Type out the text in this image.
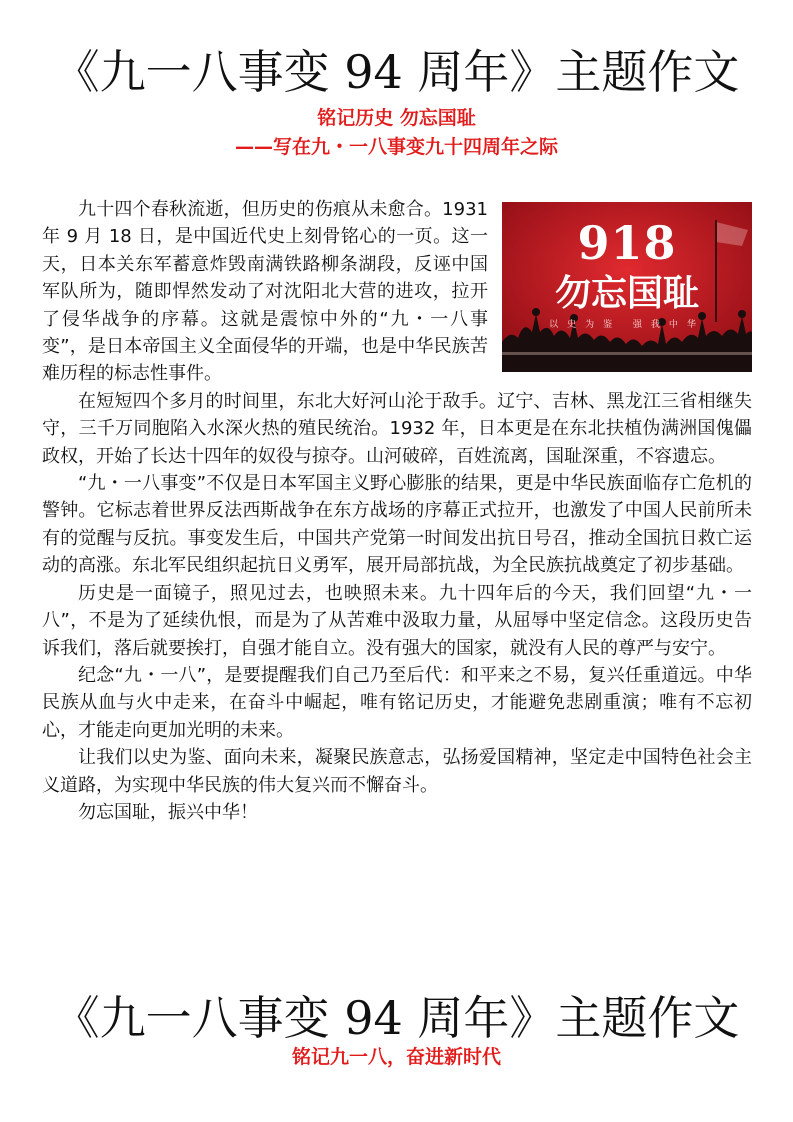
《九一八事变 94 周年》主题作文
铭记历史 勿忘国耻
——写在九・一八事变九十四周年之际
918
勿忘国耻
以史为鉴 强我中华

九十四个春秋流逝，但历史的伤痕从未愈合。1931 年 9 月 18 日，是中国近代史上刻骨铭心的一页。这一天，日本关东军蓄意炸毁南满铁路柳条湖段，反诬中国军队所为，随即悍然发动了对沈阳北大营的进攻，拉开了侵华战争的序幕。这就是震惊中外的“九・一八事变”，是日本帝国主义全面侵华的开端，也是中华民族苦难历程的标志性事件。

在短短四个多月的时间里，东北大好河山沦于敌手。辽宁、吉林、黑龙江三省相继失守，三千万同胞陷入水深火热的殖民统治。1932 年，日本更是在东北扶植伪满洲国傀儡政权，开始了长达十四年的奴役与掠夺。山河破碎，百姓流离，国耻深重，不容遗忘。

“九・一八事变”不仅是日本军国主义野心膨胀的结果，更是中华民族面临存亡危机的警钟。它标志着世界反法西斯战争在东方战场的序幕正式拉开，也激发了中国人民前所未有的觉醒与反抗。事变发生后，中国共产党第一时间发出抗日号召，推动全国抗日救亡运动的高涨。东北军民组织起抗日义勇军，展开局部抗战，为全民族抗战奠定了初步基础。

历史是一面镜子，照见过去，也映照未来。九十四年后的今天，我们回望“九・一八”，不是为了延续仇恨，而是为了从苦难中汲取力量，从屈辱中坚定信念。这段历史告诉我们，落后就要挨打，自强才能自立。没有强大的国家，就没有人民的尊严与安宁。

纪念“九・一八”，是要提醒我们自己乃至后代：和平来之不易，复兴任重道远。中华民族从血与火中走来，在奋斗中崛起，唯有铭记历史，才能避免悲剧重演；唯有不忘初心，才能走向更加光明的未来。

让我们以史为鉴、面向未来，凝聚民族意志，弘扬爱国精神，坚定走中国特色社会主义道路，为实现中华民族的伟大复兴而不懈奋斗。

勿忘国耻，振兴中华！

《九一八事变 94 周年》主题作文
铭记九一八，奋进新时代
